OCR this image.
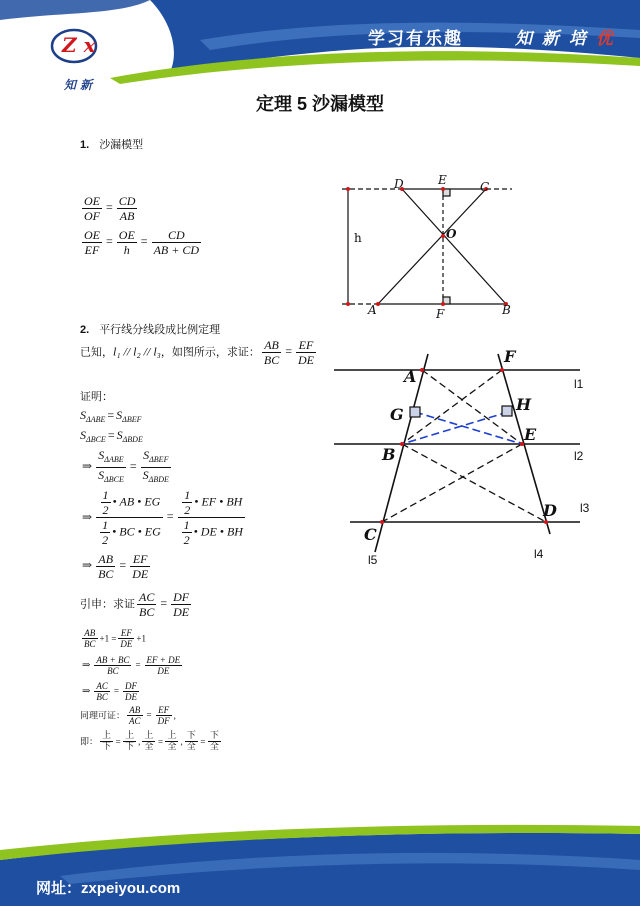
Z x
知 新
学习有乐趣	知 新 培 优
定理 5 沙漏模型
1. 沙漏模型
$\frac{OE}{OF} = \frac{CD}{AB}$
$\frac{OE}{EF} = \frac{OE}{h} = \frac{CD}{AB + CD}$
D	E	C
O
h
A	F	B
2. 平行线分线段成比例定理
已知，l₁ // l₂ // l₃，如图所示，求证： $\frac{AB}{BC} = \frac{EF}{DE}$
证明：
$S_{\Delta ABE} = S_{\Delta BEF}$
$S_{\Delta BCE} = S_{\Delta BDE}$
⇒ $\frac{S_{\Delta ABE}}{S_{\Delta BCE}} = \frac{S_{\Delta BEF}}{S_{\Delta BDE}}$
⇒ $\frac{\frac{1}{2} • AB • EG}{\frac{1}{2} • BC • EG} = \frac{\frac{1}{2} • EF • BH}{\frac{1}{2} • DE • BH}$
⇒ $\frac{AB}{BC} = \frac{EF}{DE}$
引申：求证 $\frac{AC}{BC} = \frac{DF}{DE}$
$\frac{AB}{BC} +1 = \frac{EF}{DE} +1$
⇒ $\frac{AB + BC}{BC} = \frac{EF + DE}{DE}$
⇒ $\frac{AC}{BC} = \frac{DF}{DE}$
同理可证： $\frac{AB}{AC} = \frac{EF}{DF}$ ,
即： $\frac{\text{上}}{\text{下}} = \frac{\text{上}}{\text{下}}$ , $\frac{\text{上}}{\text{全}} = \frac{\text{上}}{\text{全}}$ , $\frac{\text{下}}{\text{全}} = \frac{\text{下}}{\text{全}}$
A
F
G
H
B
E
C
D
l1
l2
l3
l4
l5
网址：zxpeiyou.com
